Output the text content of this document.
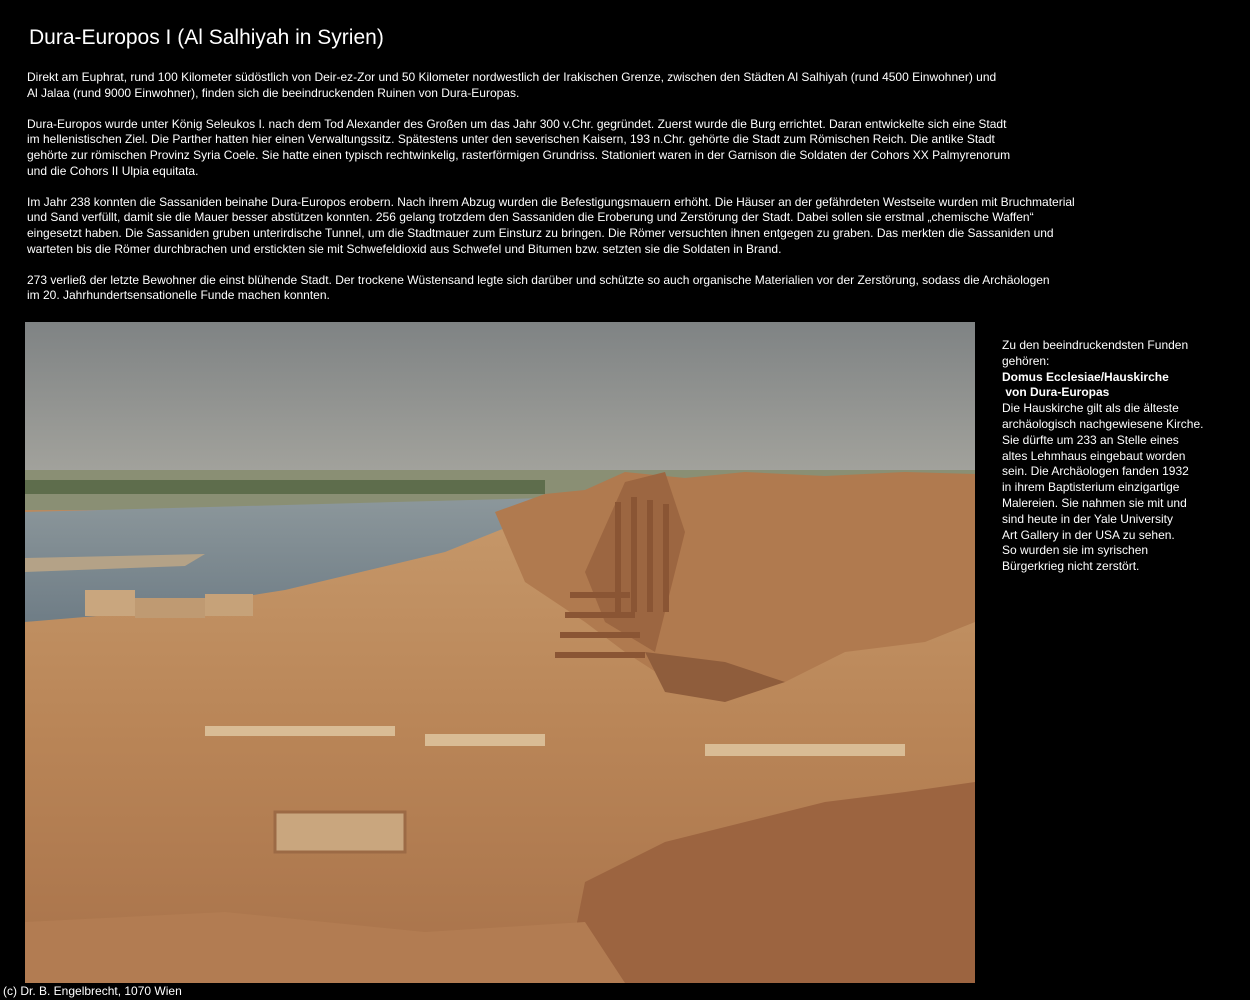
Dura-Europos I (Al Salhiyah in Syrien)

Direkt am Euphrat, rund 100 Kilometer südöstlich von Deir-ez-Zor und 50 Kilometer nordwestlich der Irakischen Grenze, zwischen den Städten Al Salhiyah (rund 4500 Einwohner) und
Al Jalaa (rund 9000 Einwohner), finden sich die beeindruckenden Ruinen von Dura-Europas.

Dura-Europos wurde unter König Seleukos I. nach dem Tod Alexander des Großen um das Jahr 300 v.Chr. gegründet. Zuerst wurde die Burg errichtet. Daran entwickelte sich eine Stadt
im hellenistischen Ziel. Die Parther hatten hier einen Verwaltungssitz. Spätestens unter den severischen Kaisern, 193 n.Chr. gehörte die Stadt zum Römischen Reich. Die antike Stadt
gehörte zur römischen Provinz Syria Coele. Sie hatte einen typisch rechtwinkelig, rasterförmigen Grundriss. Stationiert waren in der Garnison die Soldaten der Cohors XX Palmyrenorum
und die Cohors II Ulpia equitata.

Im Jahr 238 konnten die Sassaniden beinahe Dura-Europos erobern. Nach ihrem Abzug wurden die Befestigungsmauern erhöht. Die Häuser an der gefährdeten Westseite wurden mit Bruchmaterial
und Sand verfüllt, damit sie die Mauer besser abstützen konnten. 256 gelang trotzdem den Sassaniden die Eroberung und Zerstörung der Stadt. Dabei sollen sie erstmal „chemische Waffen“
eingesetzt haben. Die Sassaniden gruben unterirdische Tunnel, um die Stadtmauer zum Einsturz zu bringen. Die Römer versuchten ihnen entgegen zu graben. Das merkten die Sassaniden und
warteten bis die Römer durchbrachen und erstickten sie mit Schwefeldioxid aus Schwefel und Bitumen bzw. setzten sie die Soldaten in Brand.

273 verließ der letzte Bewohner die einst blühende Stadt. Der trockene Wüstensand legte sich darüber und schützte so auch organische Materialien vor der Zerstörung, sodass die Archäologen
im 20. Jahrhundertsensationelle Funde machen konnten.

Zu den beeindruckendsten Funden
gehören:
Domus Ecclesiae/Hauskirche
von Dura-Europas
Die Hauskirche gilt als die älteste
archäologisch nachgewiesene Kirche.
Sie dürfte um 233 an Stelle eines
altes Lehmhaus eingebaut worden
sein. Die Archäologen fanden 1932
in ihrem Baptisterium einzigartige
Malereien. Sie nahmen sie mit und
sind heute in der Yale University
Art Gallery in der USA zu sehen.
So wurden sie im syrischen
Bürgerkrieg nicht zerstört.
(c) Dr. B. Engelbrecht, 1070 Wien
